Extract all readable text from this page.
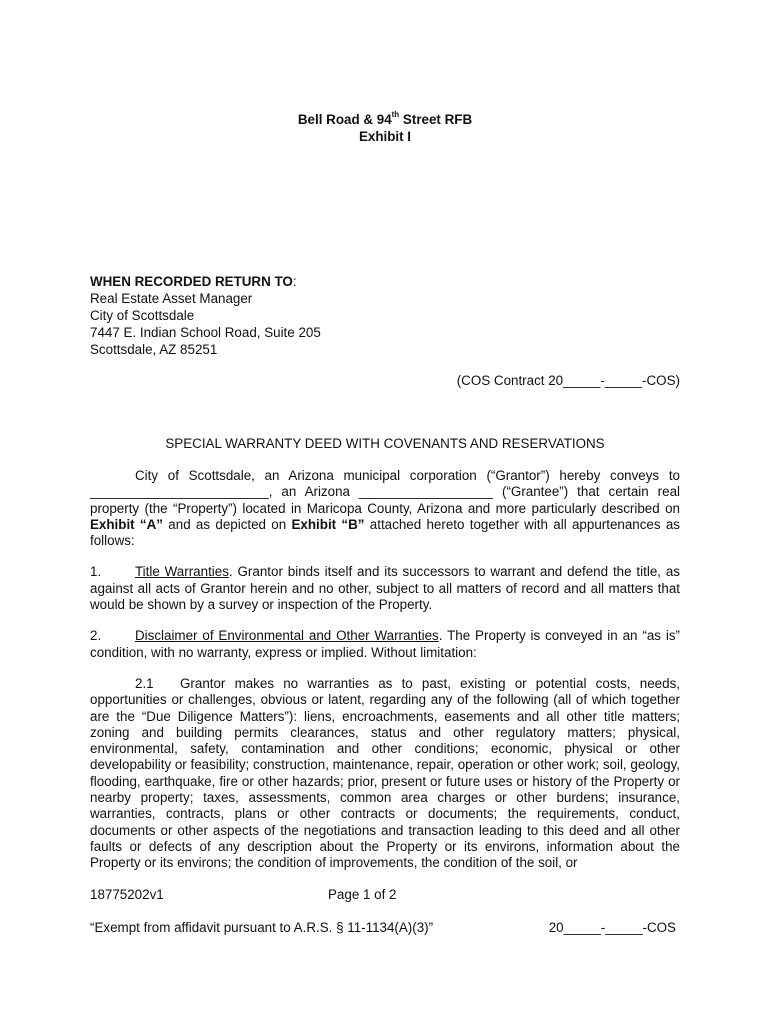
Bell Road & 94th Street RFB
Exhibit I
WHEN RECORDED RETURN TO:
Real Estate Asset Manager
City of Scottsdale
7447 E. Indian School Road, Suite 205
Scottsdale, AZ 85251
(COS Contract 20_____-_____-COS)
SPECIAL WARRANTY DEED WITH COVENANTS AND RESERVATIONS

City of Scottsdale, an Arizona municipal corporation (“Grantor”) hereby conveys to ________________________, an Arizona __________________ (“Grantee”) that certain real property (the “Property”) located in Maricopa County, Arizona and more particularly described on Exhibit “A” and as depicted on Exhibit “B” attached hereto together with all appurtenances as follows:

1.	Title Warranties. Grantor binds itself and its successors to warrant and defend the title, as against all acts of Grantor herein and no other, subject to all matters of record and all matters that would be shown by a survey or inspection of the Property.

2.	Disclaimer of Environmental and Other Warranties. The Property is conveyed in an “as is” condition, with no warranty, express or implied. Without limitation:

2.1 Grantor makes no warranties as to past, existing or potential costs, needs, opportunities or challenges, obvious or latent, regarding any of the following (all of which together are the “Due Diligence Matters”): liens, encroachments, easements and all other title matters; zoning and building permits clearances, status and other regulatory matters; physical, environmental, safety, contamination and other conditions; economic, physical or other developability or feasibility; construction, maintenance, repair, operation or other work; soil, geology, flooding, earthquake, fire or other hazards; prior, present or future uses or history of the Property or nearby property; taxes, assessments, common area charges or other burdens; insurance, warranties, contracts, plans or other contracts or documents; the requirements, conduct, documents or other aspects of the negotiations and transaction leading to this deed and all other faults or defects of any description about the Property or its environs, information about the Property or its environs; the condition of improvements, the condition of the soil, or

18775202v1	Page 1 of 2
“Exempt from affidavit pursuant to A.R.S. § 11-1134(A)(3)”	20_____-_____-COS
